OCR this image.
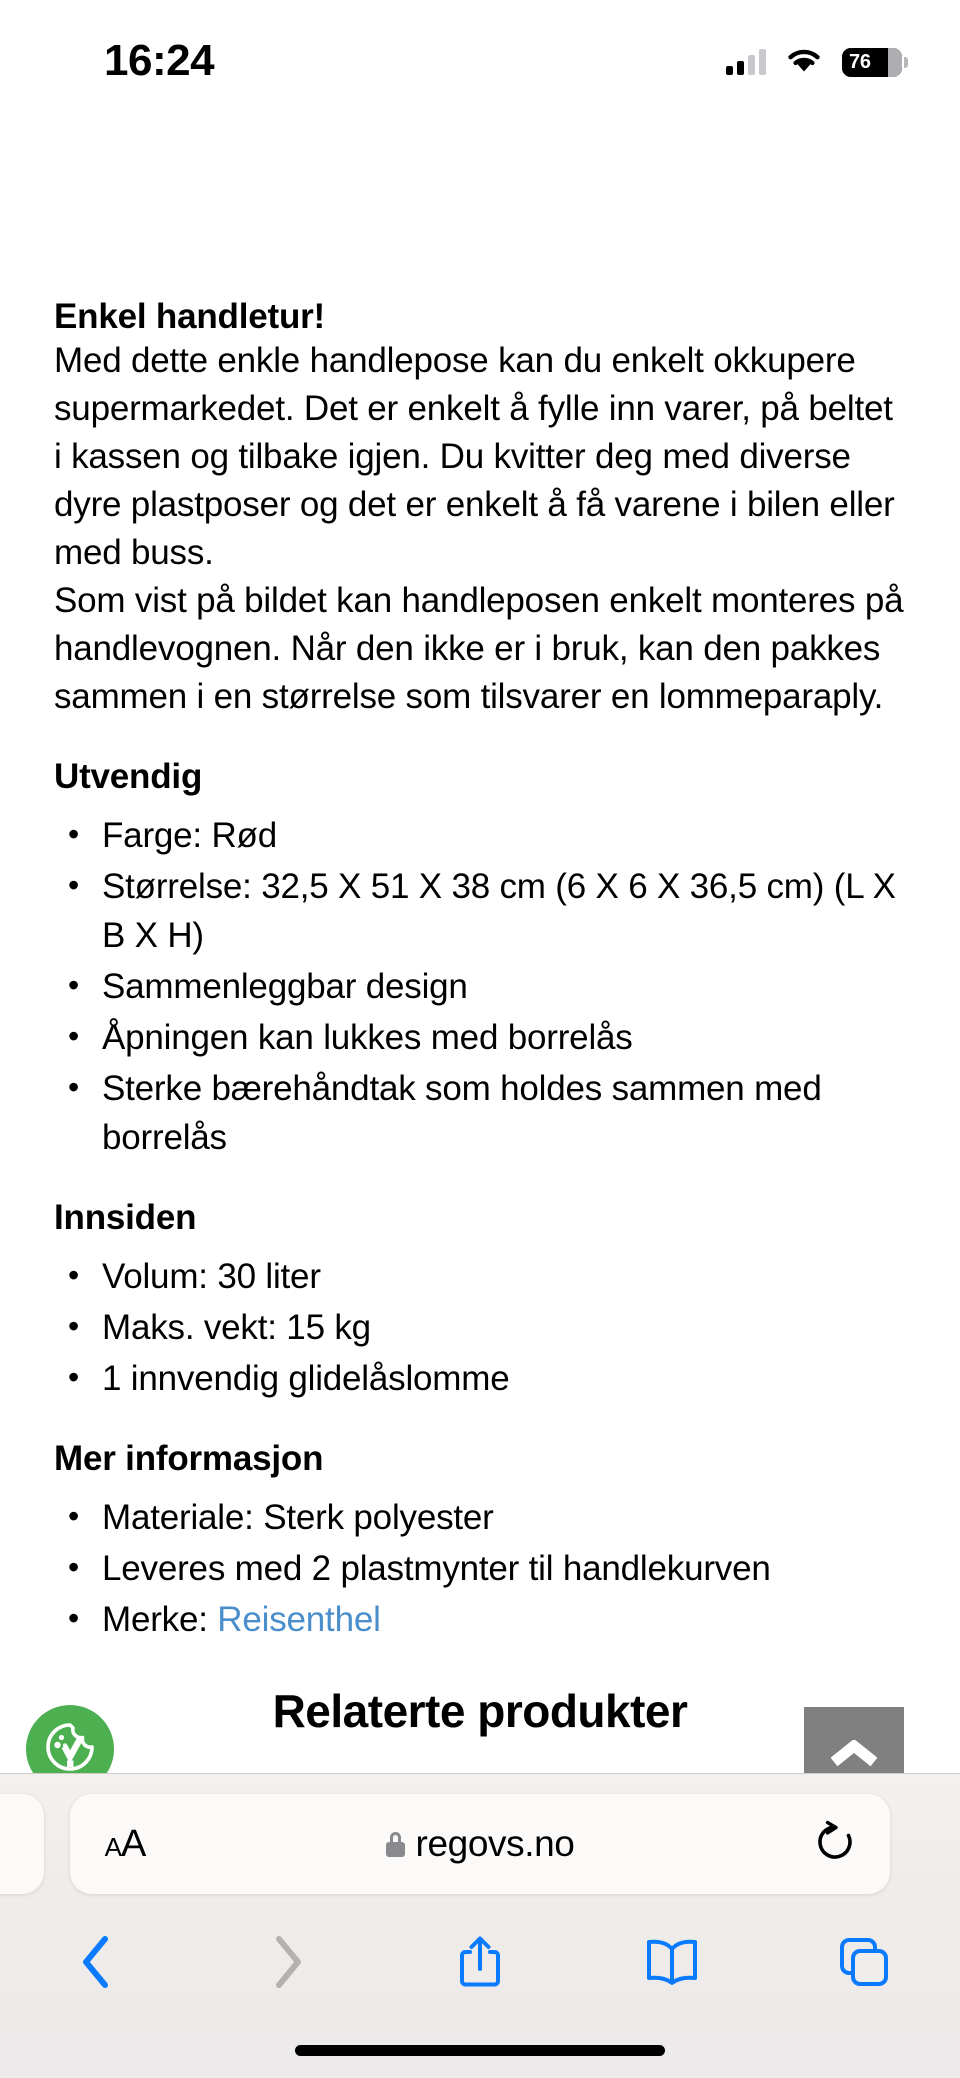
16:24	76
Enkel handletur!

Med dette enkle handlepose kan du enkelt okkupere supermarkedet. Det er enkelt å fylle inn varer, på beltet i kassen og tilbake igjen. Du kvitter deg med diverse dyre plastposer og det er enkelt å få varene i bilen eller med buss.

Som vist på bildet kan handleposen enkelt monteres på handlevognen. Når den ikke er i bruk, kan den pakkes sammen i en størrelse som tilsvarer en lommeparaply.

Utvendig
• Farge: Rød
• Størrelse: 32,5 X 51 X 38 cm (6 X 6 X 36,5 cm) (L X B X H)
• Sammenleggbar design
• Åpningen kan lukkes med borrelås
• Sterke bærehåndtak som holdes sammen med borrelås
Innsiden
• Volum: 30 liter
• Maks. vekt: 15 kg
• 1 innvendig glidelåslomme
Mer informasjon
• Materiale: Sterk polyester
• Leveres med 2 plastmynter til handlekurven
• Merke: Reisenthel
Relaterte produkter
AA	regovs.no
